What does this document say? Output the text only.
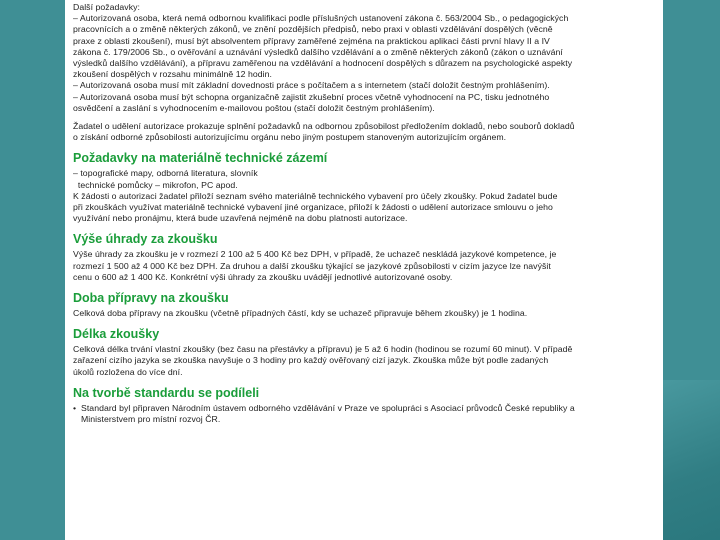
Další požadavky:
– Autorizovaná osoba, která nemá odbornou kvalifikaci podle příslušných ustanovení zákona č. 563/2004 Sb., o pedagogických
pracovnících a o změně některých zákonů, ve znění pozdějších předpisů, nebo praxi v oblasti vzdělávání dospělých (věcně
praxe z oblasti zkoušení), musí být absolventem přípravy zaměřené zejména na praktickou aplikaci části první hlavy II a IV
zákona č. 179/2006 Sb., o ověřování a uznávání výsledků dalšího vzdělávání a o změně některých zákonů (zákon o uznávání
výsledků dalšího vzdělávání), a přípravu zaměřenou na vzdělávání a hodnocení dospělých s důrazem na psychologické aspekty
zkoušení dospělých v rozsahu minimálně 12 hodin.
– Autorizovaná osoba musí mít základní dovednosti práce s počítačem a s internetem (stačí doložit čestným prohlášením).
– Autorizovaná osoba musí být schopna organizačně zajistit zkušební proces včetně vyhodnocení na PC, tisku jednotného
osvědčení a zaslání s vyhodnocením e-mailovou poštou (stačí doložit čestným prohlášením).
Žadatel o udělení autorizace prokazuje splnění požadavků na odbornou způsobilost předložením dokladů, nebo souborů dokladů
o získání odborné způsobilosti autorizujícímu orgánu nebo jiným postupem stanoveným autorizujícím orgánem.
Požadavky na materiálně technické zázemí
– topografické mapy, odborná literatura, slovník
technické pomůcky – mikrofon, PC apod.
K žádosti o autorizaci žadatel přiloží seznam svého materiálně technického vybavení pro účely zkoušky. Pokud žadatel bude
při zkouškách využívat materiálně technické vybavení jiné organizace, přiloží k žádosti o udělení autorizace smlouvu o jeho
využívání nebo pronájmu, která bude uzavřená nejméně na dobu platnosti autorizace.
Výše úhrady za zkoušku
Výše úhrady za zkoušku je v rozmezí 2 100 až 5 400 Kč bez DPH, v případě, že uchazeč neskládá jazykové kompetence, je
rozmezí 1 500 až 4 000 Kč bez DPH. Za druhou a další zkoušku týkající se jazykové způsobilosti v cizím jazyce lze navýšit
cenu o 600 až 1 400 Kč. Konkrétní výši úhrady za zkoušku uvádějí jednotlivé autorizované osoby.
Doba přípravy na zkoušku
Celková doba přípravy na zkoušku (včetně případných částí, kdy se uchazeč připravuje během zkoušky) je 1 hodina.
Délka zkoušky
Celková délka trvání vlastní zkoušky (bez času na přestávky a přípravu) je 5 až 6 hodin (hodinou se rozumí 60 minut). V případě
zařazení cizího jazyka se zkouška navyšuje o 3 hodiny pro každý ověřovaný cizí jazyk. Zkouška může být podle zadaných
úkolů rozložena do více dní.
Na tvorbě standardu se podíleli
• Standard byl připraven Národním ústavem odborného vzdělávání v Praze ve spolupráci s Asociací průvodců České republiky a
Ministerstvem pro místní rozvoj ČR.
